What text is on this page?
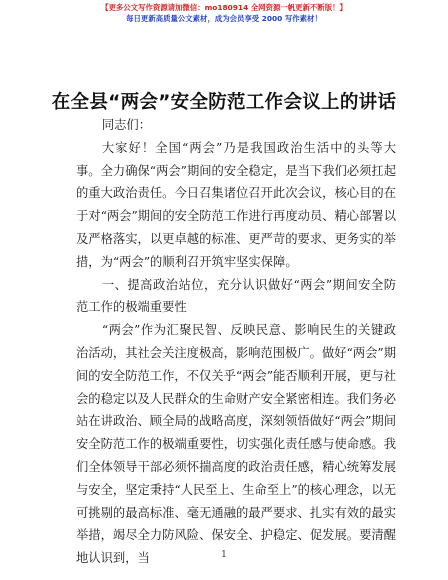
【更多公文写作资源请加微信：mo180914 全网资源一帆更新不断版！】
每日更新高质量公文素材，成为会员享受 2000 写作素材！
在全县“两会”安全防范工作会议上的讲话

同志们：

大家好！全国“两会”乃是我国政治生活中的头等大事。全力确保“两会”期间的安全稳定，是当下我们必须扛起的重大政治责任。今日召集诸位召开此次会议，核心目的在于对“两会”期间的安全防范工作进行再度动员、精心部署以及严格落实，以更卓越的标准、更严苛的要求、更务实的举措，为“两会”的顺利召开筑牢坚实保障。

一、提高政治站位，充分认识做好“两会”期间安全防范工作的极端重要性

“两会”作为汇聚民智、反映民意、影响民生的关键政治活动，其社会关注度极高，影响范围极广。做好“两会”期间的安全防范工作，不仅关乎“两会”能否顺利开展，更与社会的稳定以及人民群众的生命财产安全紧密相连。我们务必站在讲政治、顾全局的战略高度，深刻领悟做好“两会”期间安全防范工作的极端重要性，切实强化责任感与使命感。我们全体领导干部必须怀揣高度的政治责任感，精心统筹发展与安全，坚定秉持“人民至上、生命至上”的核心理念，以无可挑剔的最高标准、毫无通融的最严要求、扎实有效的最实举措，竭尽全力防风险、保安全、护稳定、促发展。要清醒地认识到，当	1
